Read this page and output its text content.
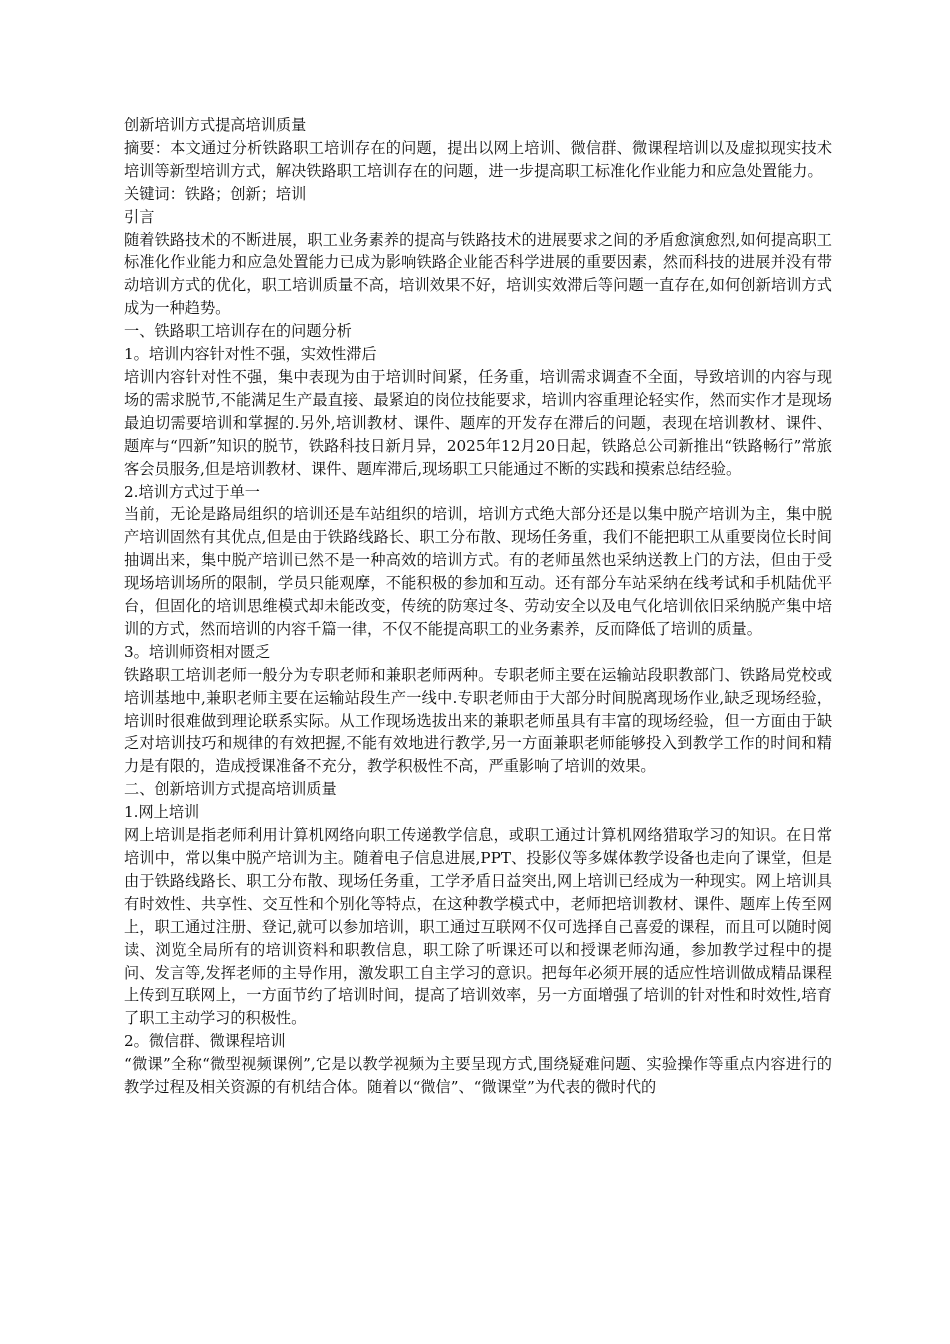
创新培训方式提高培训质量

摘要：本文通过分析铁路职工培训存在的问题，提出以网上培训、微信群、微课程培训以及虚拟现实技术培训等新型培训方式，解决铁路职工培训存在的问题，进一步提高职工标准化作业能力和应急处置能力。

关键词：铁路；创新；培训

引言

随着铁路技术的不断进展，职工业务素养的提高与铁路技术的进展要求之间的矛盾愈演愈烈,如何提高职工标准化作业能力和应急处置能力已成为影响铁路企业能否科学进展的重要因素，然而科技的进展并没有带动培训方式的优化，职工培训质量不高，培训效果不好，培训实效滞后等问题一直存在,如何创新培训方式成为一种趋势。

一、铁路职工培训存在的问题分析

1。培训内容针对性不强，实效性滞后

培训内容针对性不强，集中表现为由于培训时间紧，任务重，培训需求调查不全面，导致培训的内容与现场的需求脱节,不能满足生产最直接、最紧迫的岗位技能要求，培训内容重理论轻实作，然而实作才是现场最迫切需要培训和掌握的.另外,培训教材、课件、题库的开发存在滞后的问题，表现在培训教材、课件、题库与“四新”知识的脱节，铁路科技日新月异，2025年12月20日起，铁路总公司新推出“铁路畅行”常旅客会员服务,但是培训教材、课件、题库滞后,现场职工只能通过不断的实践和摸索总结经验。

2.培训方式过于单一

当前，无论是路局组织的培训还是车站组织的培训，培训方式绝大部分还是以集中脱产培训为主，集中脱产培训固然有其优点,但是由于铁路线路长、职工分布散、现场任务重，我们不能把职工从重要岗位长时间抽调出来，集中脱产培训已然不是一种高效的培训方式。有的老师虽然也采纳送教上门的方法，但由于受现场培训场所的限制，学员只能观摩，不能积极的参加和互动。还有部分车站采纳在线考试和手机陆优平台，但固化的培训思维模式却未能改变，传统的防寒过冬、劳动安全以及电气化培训依旧采纳脱产集中培训的方式，然而培训的内容千篇一律，不仅不能提高职工的业务素养，反而降低了培训的质量。

3。培训师资相对匮乏

铁路职工培训老师一般分为专职老师和兼职老师两种。专职老师主要在运输站段职教部门、铁路局党校或培训基地中,兼职老师主要在运输站段生产一线中.专职老师由于大部分时间脱离现场作业,缺乏现场经验，培训时很难做到理论联系实际。从工作现场选拔出来的兼职老师虽具有丰富的现场经验，但一方面由于缺乏对培训技巧和规律的有效把握,不能有效地进行教学,另一方面兼职老师能够投入到教学工作的时间和精力是有限的，造成授课准备不充分，教学积极性不高，严重影响了培训的效果。

二、创新培训方式提高培训质量

1.网上培训

网上培训是指老师利用计算机网络向职工传递教学信息，或职工通过计算机网络猎取学习的知识。在日常培训中，常以集中脱产培训为主。随着电子信息进展,PPT、投影仪等多媒体教学设备也走向了课堂，但是由于铁路线路长、职工分布散、现场任务重，工学矛盾日益突出,网上培训已经成为一种现实。网上培训具有时效性、共享性、交互性和个别化等特点，在这种教学模式中，老师把培训教材、课件、题库上传至网上，职工通过注册、登记,就可以参加培训，职工通过互联网不仅可选择自己喜爱的课程，而且可以随时阅读、浏览全局所有的培训资料和职教信息，职工除了听课还可以和授课老师沟通，参加教学过程中的提问、发言等,发挥老师的主导作用，激发职工自主学习的意识。把每年必须开展的适应性培训做成精品课程上传到互联网上，一方面节约了培训时间，提高了培训效率，另一方面增强了培训的针对性和时效性,培育了职工主动学习的积极性。

2。微信群、微课程培训

“微课”全称“微型视频课例”,它是以教学视频为主要呈现方式,围绕疑难问题、实验操作等重点内容进行的教学过程及相关资源的有机结合体。随着以“微信”、“微课堂”为代表的微时代的
